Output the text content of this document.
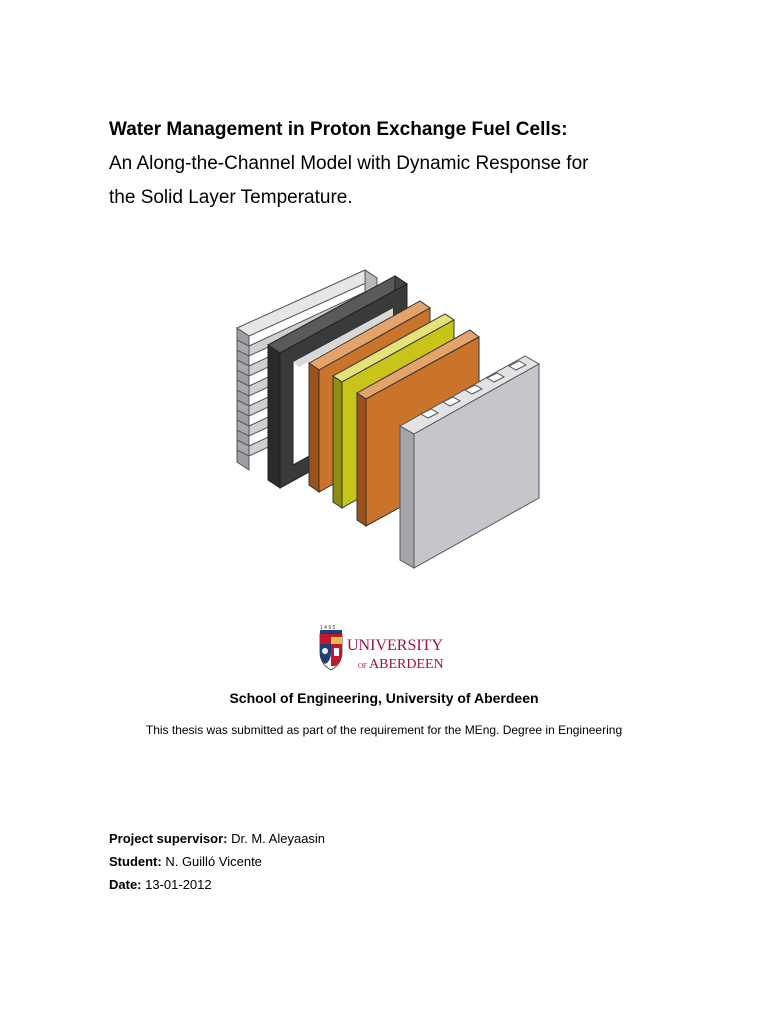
Water Management in Proton Exchange Fuel Cells:

An Along-the-Channel Model with Dynamic Response for

the Solid Layer Temperature.

1 4 9 5
UNIVERSITY
OF ABERDEEN

School of Engineering, University of Aberdeen

This thesis was submitted as part of the requirement for the MEng. Degree in Engineering

Project supervisor: Dr. M. Aleyaasin

Student: N. Guilló Vicente

Date: 13-01-2012
